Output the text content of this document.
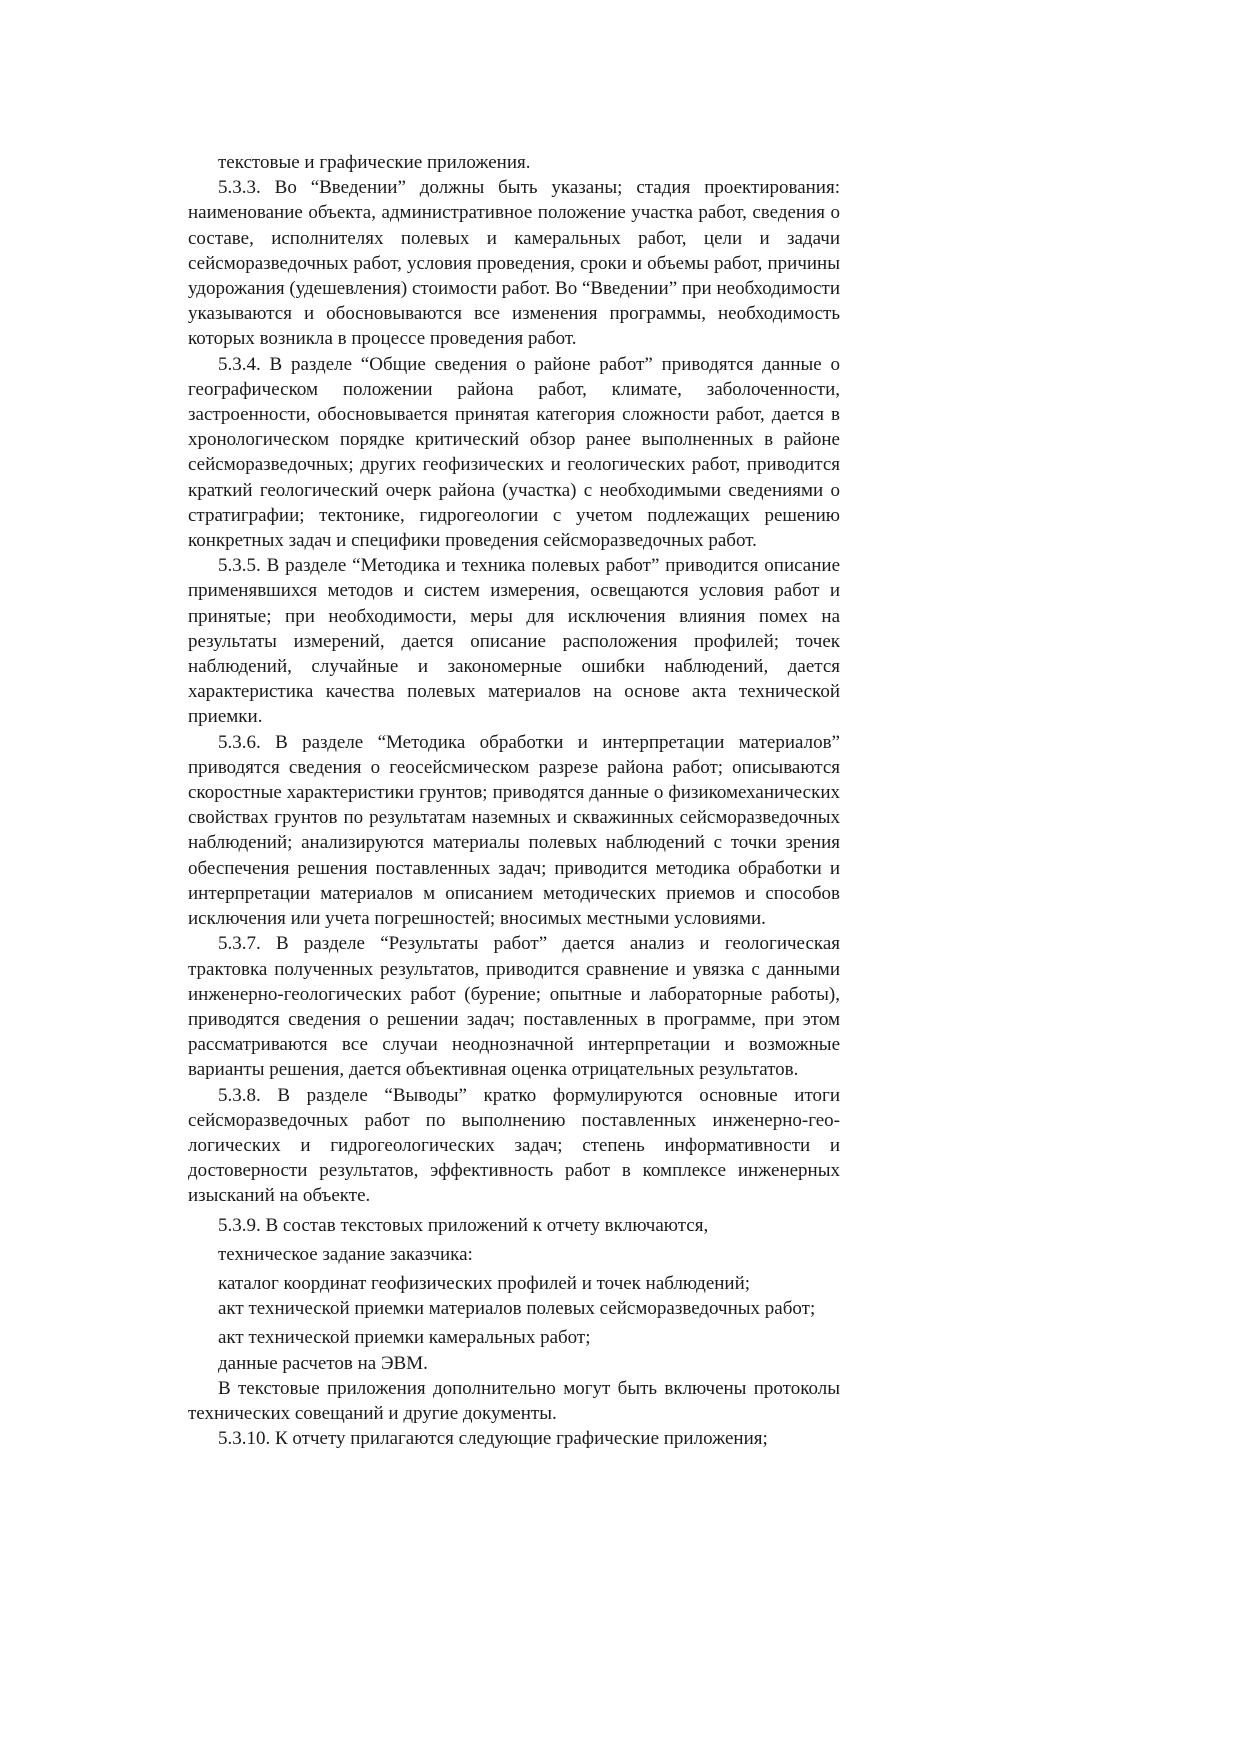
текстовые и графические приложения.

5.3.3. Во “Введении” должны быть указаны; стадия проектирования: наименование объекта, административное положение участка работ, сведения о составе, исполнителях полевых и камеральных работ, цели и задачи сейсморазведочных работ, условия проведения, сроки и объемы работ, причины удорожания (удешевления) стоимости работ. Во “Введении” при необходимости указываются и обосновываются все изменения программы, необходимость которых возникла в процессе проведения работ.

5.3.4. В разделе “Общие сведения о районе работ” приводятся данные о географическом положении района работ, климате, заболоченности, застроенности, обосновывается принятая категория сложности работ, дается в хронологическом порядке критический обзор ранее выполненных в районе сейсморазведочных; других геофизических и геологических работ, приводится краткий геологический очерк района (участка) с необходимыми сведениями о стратиграфии; тектонике, гидрогеологии с учетом подлежащих решению конкретных задач и специфики проведения сейсморазведочных работ.

5.3.5. В разделе “Методика и техника полевых работ” приводится описание применявшихся методов и систем измерения, освещаются условия работ и принятые; при необходимости, меры для исключения влияния помех на результаты измерений, дается описание расположения профилей; точек наблюдений, случайные и закономерные ошибки наблюдений, дается характеристика качества полевых материалов на основе акта технической приемки.

5.3.6. В разделе “Методика обработки и интерпретации материалов” приводятся сведения о геосейсмическом разрезе района работ; описываются скоростные характеристики грунтов; приводятся данные о физикомеханических свойствах грунтов по результатам наземных и скважинных сейсморазведочных наблюдений; анализируются материалы полевых наблюдений с точки зрения обеспечения решения поставленных задач; приводится методика обработки и интерпретации материалов м описанием методических приемов и способов исключения или учета погрешностей; вносимых местными условиями.

5.3.7. В разделе “Результаты работ” дается анализ и геологическая трактовка полученных результатов, приводится сравнение и увязка с данными инженерно-геологических работ (бурение; опытные и лабораторные работы), приводятся сведения о решении задач; поставленных в программе, при этом рассматриваются все случаи неоднозначной интерпретации и возможные варианты решения, дается объективная оценка отрицательных результатов.

5.3.8. В разделе “Выводы” кратко формулируются основные итоги сейсморазведочных работ по выполнению поставленных инженерно-геологических и гидрогеологических задач; степень информативности и достоверности результатов, эффективность работ в комплексе инженерных изысканий на объекте.

5.3.9. В состав текстовых приложений к отчету включаются,

техническое задание заказчика:

каталог координат геофизических профилей и точек наблюдений;

акт технической приемки материалов полевых сейсморазведочных работ;

акт технической приемки камеральных работ;

данные расчетов на ЭВМ.

В текстовые приложения дополнительно могут быть включены протоколы технических совещаний и другие документы.

5.3.10. К отчету прилагаются следующие графические приложения;
